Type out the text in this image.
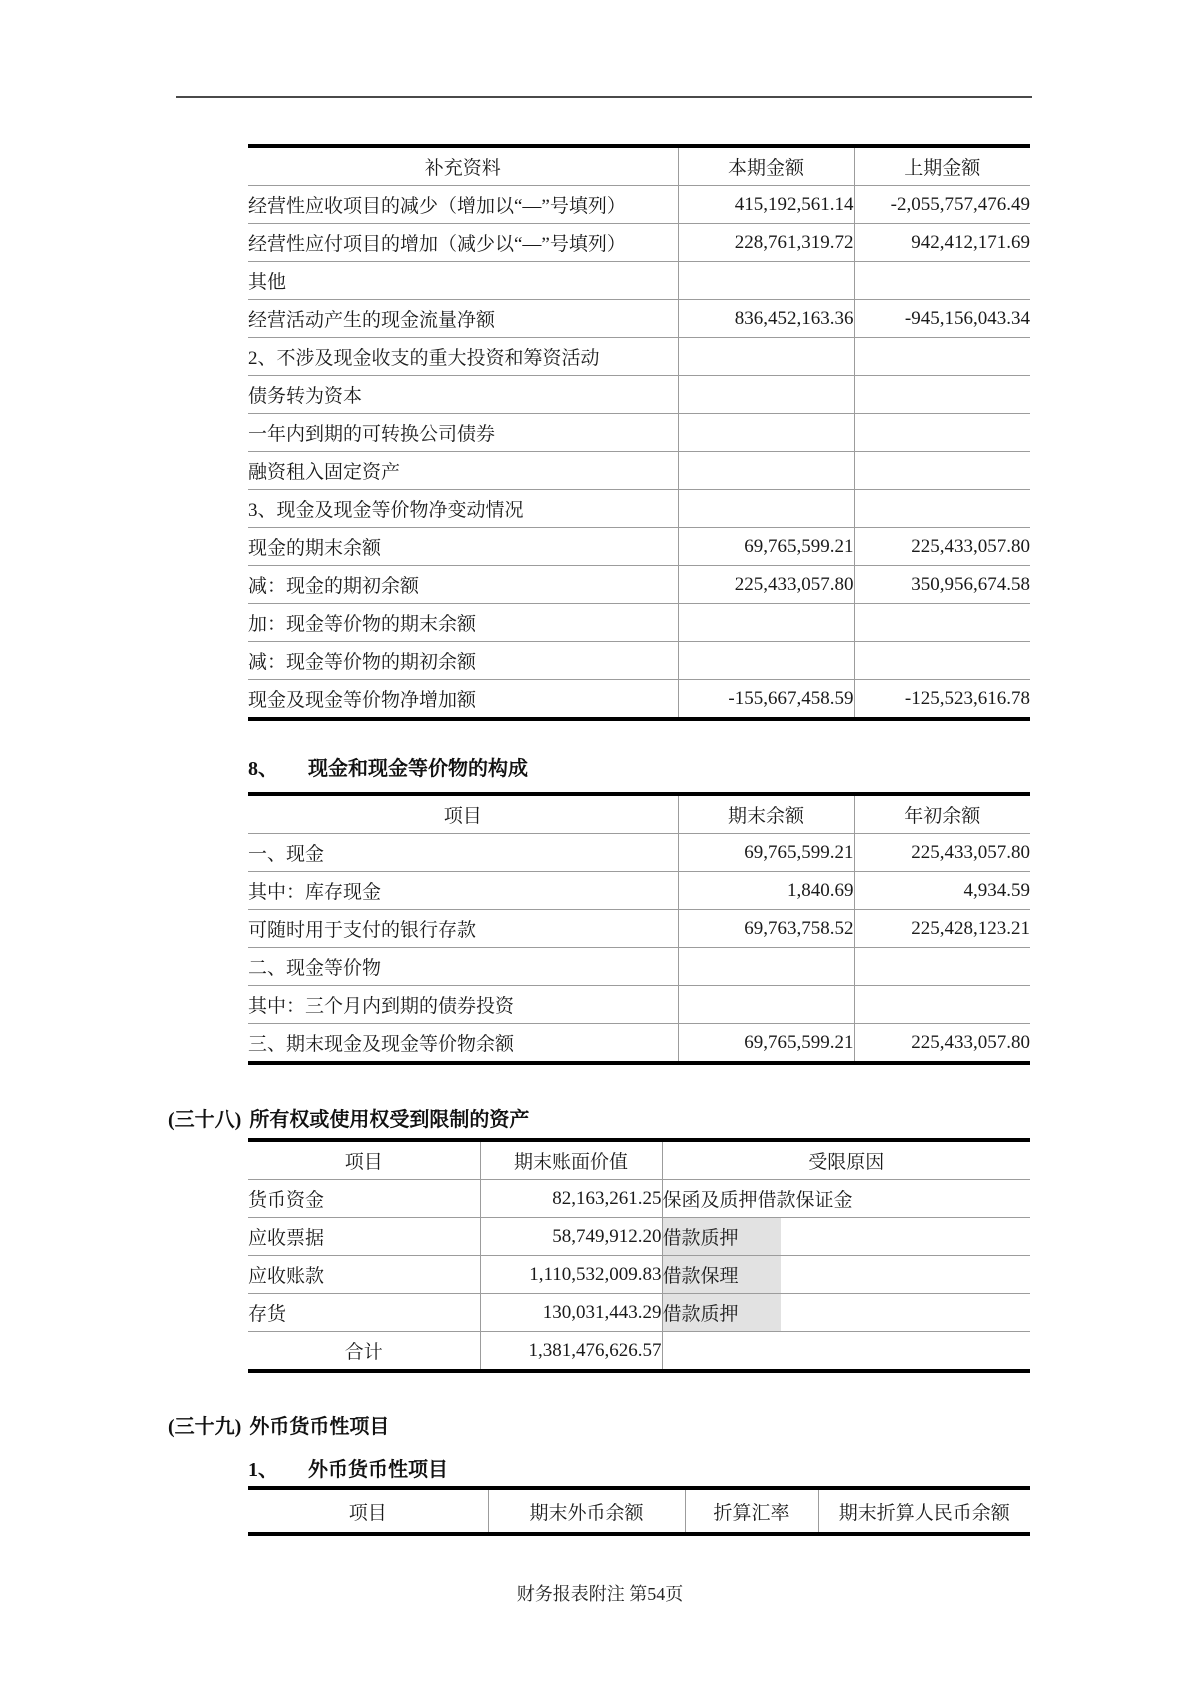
补充资料	本期金额	上期金额
经营性应收项目的减少（增加以“—”号填列）	415,192,561.14	-2,055,757,476.49
经营性应付项目的增加（减少以“—”号填列）	228,761,319.72	942,412,171.69
其他		
经营活动产生的现金流量净额	836,452,163.36	-945,156,043.34
2、不涉及现金收支的重大投资和筹资活动		
债务转为资本		
一年内到期的可转换公司债券		
融资租入固定资产		
3、现金及现金等价物净变动情况		
现金的期末余额	69,765,599.21	225,433,057.80
减：现金的期初余额	225,433,057.80	350,956,674.58
加：现金等价物的期末余额		
减：现金等价物的期初余额		
现金及现金等价物净增加额	-155,667,458.59	-125,523,616.78
8、 现金和现金等价物的构成
项目	期末余额	年初余额
一、现金	69,765,599.21	225,433,057.80
其中：库存现金	1,840.69	4,934.59
可随时用于支付的银行存款	69,763,758.52	225,428,123.21
二、现金等价物		
其中：三个月内到期的债券投资		
三、期末现金及现金等价物余额	69,765,599.21	225,433,057.80
(三十八) 所有权或使用权受到限制的资产
项目	期末账面价值	受限原因
货币资金	82,163,261.25	保函及质押借款保证金
应收票据	58,749,912.20	借款质押
应收账款	1,110,532,009.83	借款保理
存货	130,031,443.29	借款质押
合计	1,381,476,626.57	
(三十九) 外币货币性项目
1、 外币货币性项目
项目	期末外币余额	折算汇率	期末折算人民币余额
财务报表附注 第54页
